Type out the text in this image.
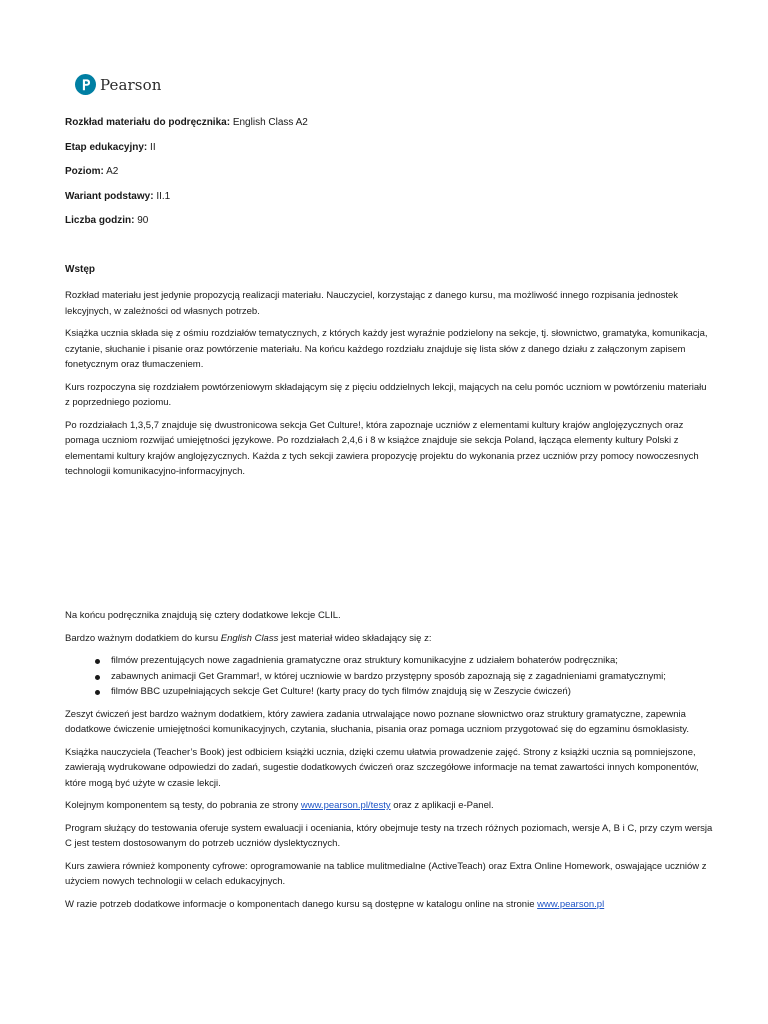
Pearson
Rozkład materiału do podręcznika: English Class A2
Etap edukacyjny: II
Poziom: A2
Wariant podstawy: II.1
Liczba godzin: 90
Wstęp

Rozkład materiału jest jedynie propozycją realizacji materiału. Nauczyciel, korzystając z danego kursu, ma możliwość innego rozpisania jednostek lekcyjnych, w zależności od własnych potrzeb.

Książka ucznia składa się z ośmiu rozdziałów tematycznych, z których każdy jest wyraźnie podzielony na sekcje, tj. słownictwo, gramatyka, komunikacja, czytanie, słuchanie i pisanie oraz powtórzenie materiału. Na końcu każdego rozdziału znajduje się lista słów z danego działu z załączonym zapisem fonetycznym oraz tłumaczeniem.

Kurs rozpoczyna się rozdziałem powtórzeniowym składającym się z pięciu oddzielnych lekcji, mających na celu pomóc uczniom w powtórzeniu materiału z poprzedniego poziomu.

Po rozdziałach 1,3,5,7 znajduje się dwustronicowa sekcja Get Culture!, która zapoznaje uczniów z elementami kultury krajów anglojęzycznych oraz pomaga uczniom rozwijać umiejętności językowe. Po rozdziałach 2,4,6 i 8 w książce znajduje sie sekcja Poland, łącząca elementy kultury Polski z elementami kultury krajów anglojęzycznych. Każda z tych sekcji zawiera propozycję projektu do wykonania przez uczniów przy pomocy nowoczesnych technologii komunikacyjno-informacyjnych.

Na końcu podręcznika znajdują się cztery dodatkowe lekcje CLIL.

Bardzo ważnym dodatkiem do kursu English Class jest materiał wideo składający się z:

filmów prezentujących nowe zagadnienia gramatyczne oraz struktury komunikacyjne z udziałem bohaterów podręcznika;
zabawnych animacji Get Grammar!, w której uczniowie w bardzo przystępny sposób zapoznają się z zagadnieniami gramatycznymi;
filmów BBC uzupełniających sekcje Get Culture! (karty pracy do tych filmów znajdują się w Zeszycie ćwiczeń)

Zeszyt ćwiczeń jest bardzo ważnym dodatkiem, który zawiera zadania utrwalające nowo poznane słownictwo oraz struktury gramatyczne, zapewnia dodatkowe ćwiczenie umiejętności komunikacyjnych, czytania, słuchania, pisania oraz pomaga uczniom przygotować się do egzaminu ósmoklasisty.

Książka nauczyciela (Teacher’s Book) jest odbiciem książki ucznia, dzięki czemu ułatwia prowadzenie zajęć. Strony z książki ucznia są pomniejszone, zawierają wydrukowane odpowiedzi do zadań, sugestie dodatkowych ćwiczeń oraz szczegółowe informacje na temat zawartości innych komponentów, które mogą być użyte w czasie lekcji.

Kolejnym komponentem są testy, do pobrania ze strony www.pearson.pl/testy oraz z aplikacji e-Panel.

Program służący do testowania oferuje system ewaluacji i oceniania, który obejmuje testy na trzech różnych poziomach, wersje A, B i C, przy czym wersja C jest testem dostosowanym do potrzeb uczniów dyslektycznych.

Kurs zawiera również komponenty cyfrowe: oprogramowanie na tablice mulitmedialne (ActiveTeach) oraz Extra Online Homework, oswajające uczniów z użyciem nowych technologii w celach edukacyjnych.

W razie potrzeb dodatkowe informacje o komponentach danego kursu są dostępne w katalogu online na stronie www.pearson.pl
